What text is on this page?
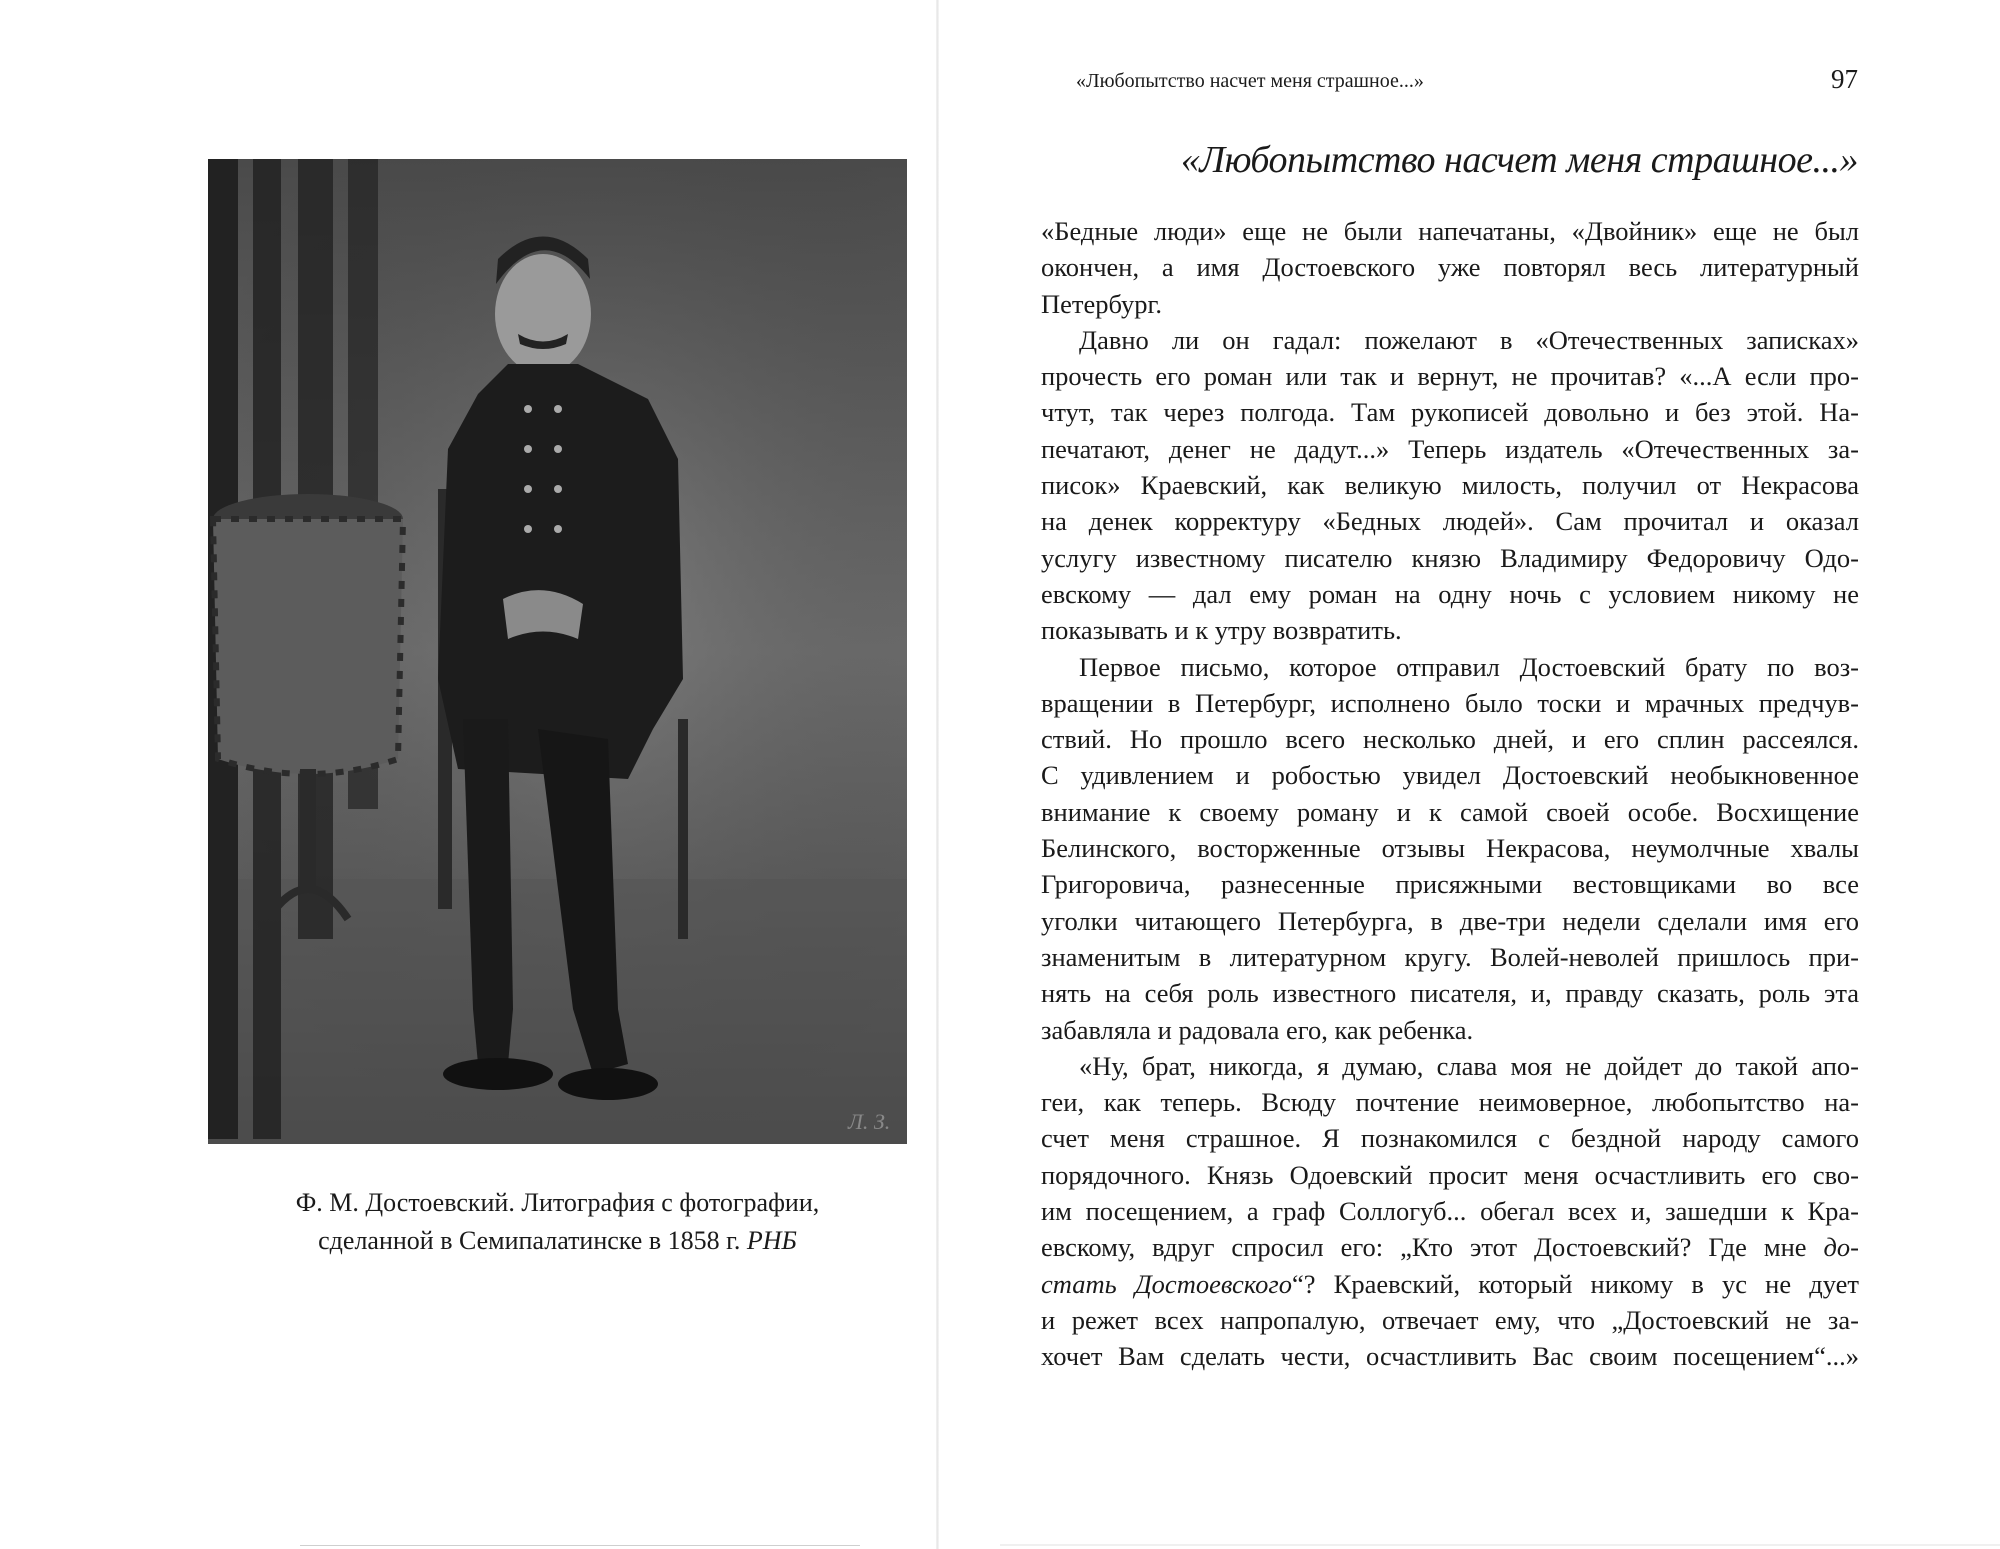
Л. З.
Ф. М. Достоевский. Литография с фотографии,
сделанной в Семипалатинске в 1858 г. РНБ
«Любопытство насчет меня страшное...»	97
«Любопытство насчет меня страшное...»
«Бедные люди» еще не были напечатаны, «Двойник» еще не был
окончен, а имя Достоевского уже повторял весь литературный
Петербург.
Давно ли он гадал: пожелают в «Отечественных записках»
прочесть его роман или так и вернут, не прочитав? «...А если про-
чтут, так через полгода. Там рукописей довольно и без этой. На-
печатают, денег не дадут...» Теперь издатель «Отечественных за-
писок» Краевский, как великую милость, получил от Некрасова
на денек корректуру «Бедных людей». Сам прочитал и оказал
услугу известному писателю князю Владимиру Федоровичу Одо-
евскому — дал ему роман на одну ночь с условием никому не
показывать и к утру возвратить.
Первое письмо, которое отправил Достоевский брату по воз-
вращении в Петербург, исполнено было тоски и мрачных предчув-
ствий. Но прошло всего несколько дней, и его сплин рассеялся.
С удивлением и робостью увидел Достоевский необыкновенное
внимание к своему роману и к самой своей особе. Восхищение
Белинского, восторженные отзывы Некрасова, неумолчные хвалы
Григоровича, разнесенные присяжными вестовщиками во все
уголки читающего Петербурга, в две-три недели сделали имя его
знаменитым в литературном кругу. Волей-неволей пришлось при-
нять на себя роль известного писателя, и, правду сказать, роль эта
забавляла и радовала его, как ребенка.
«Ну, брат, никогда, я думаю, слава моя не дойдет до такой апо-
геи, как теперь. Всюду почтение неимоверное, любопытство на-
счет меня страшное. Я познакомился с бездной народу самого
порядочного. Князь Одоевский просит меня осчастливить его сво-
им посещением, а граф Соллогуб... обегал всех и, зашедши к Кра-
евскому, вдруг спросил его: „Кто этот Достоевский? Где мне до-
стать Достоевского“? Краевский, который никому в ус не дует
и режет всех напропалую, отвечает ему, что „Достоевский не за-
хочет Вам сделать чести, осчастливить Вас своим посещением“...»
